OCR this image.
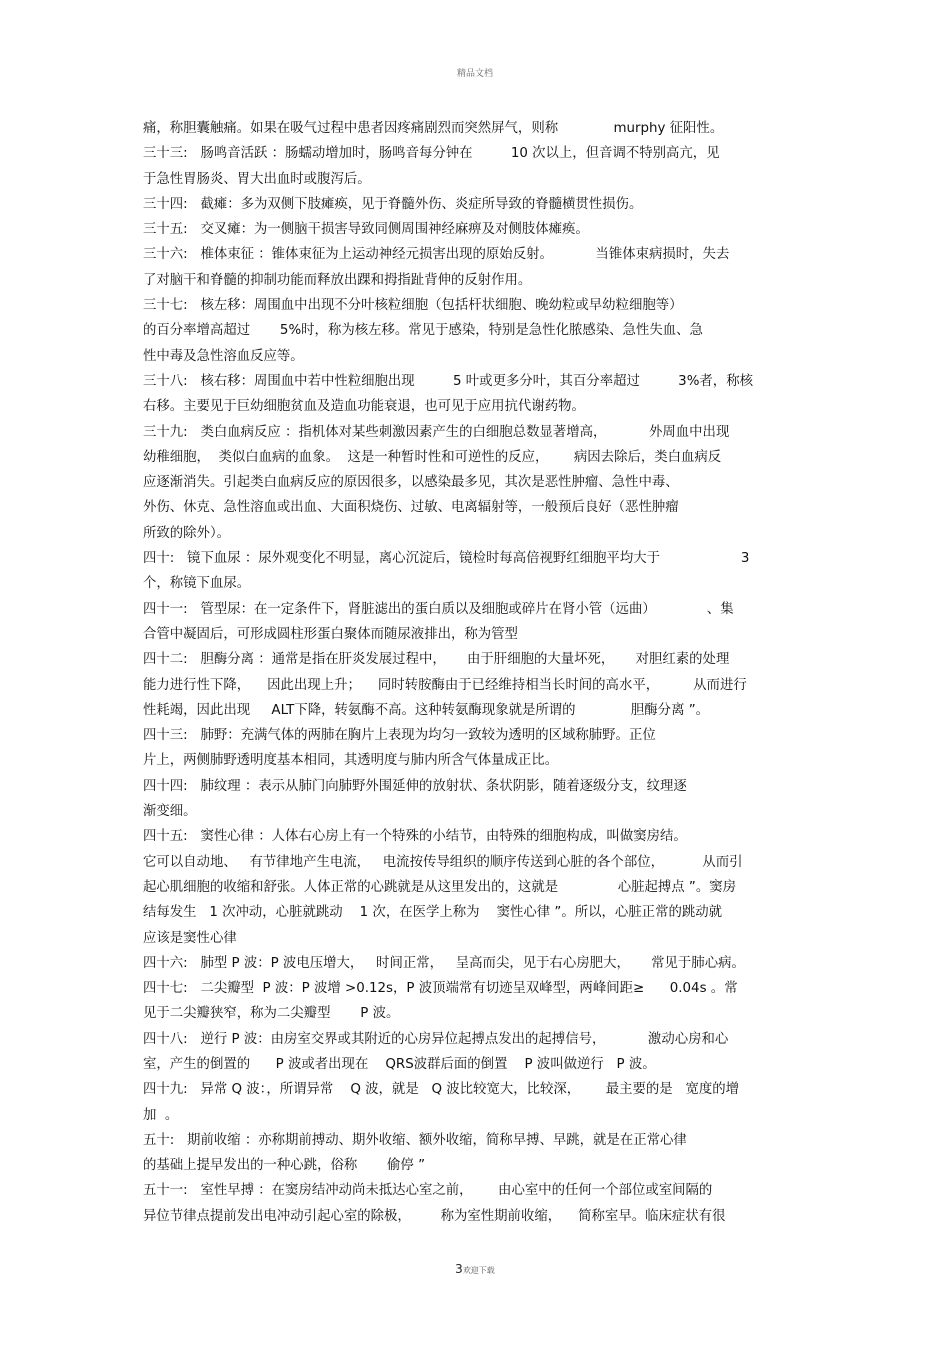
精品文档
痛，称胆囊触痛。如果在吸气过程中患者因疼痛剧烈而突然屏气，则称             murphy 征阳性。
三十三:   肠鸣音活跃 ：肠蠕动增加时，肠鸣音每分钟在         10 次以上，但音调不特别高亢，见
于急性胃肠炎、胃大出血时或腹泻后。
三十四:   截瘫：多为双侧下肢瘫痪，见于脊髓外伤、炎症所导致的脊髓横贯性损伤。
三十五:   交叉瘫：为一侧脑干损害导致同侧周围神经麻痹及对侧肢体瘫痪。
三十六:   椎体束征 ：锥体束征为上运动神经元损害出现的原始反射。          当锥体束病损时，失去
了对脑干和脊髓的抑制功能而释放出踝和拇指趾背伸的反射作用。
三十七:   核左移：周围血中出现不分叶核粒细胞（包括杆状细胞、晚幼粒或早幼粒细胞等）
的百分率增高超过       5%时，称为核左移。常见于感染，特别是急性化脓感染、急性失血、急
性中毒及急性溶血反应等。
三十八:   核右移：周围血中若中性粒细胞出现         5 叶或更多分叶，其百分率超过         3%者，称核
右移。主要见于巨幼细胞贫血及造血功能衰退，也可见于应用抗代谢药物。
三十九:   类白血病反应 ：指机体对某些刺激因素产生的白细胞总数显著增高，          外周血中出现
幼稚细胞，  类似白血病的血象。  这是一种暂时性和可逆性的反应，      病因去除后，类白血病反
应逐渐消失。引起类白血病反应的原因很多，以感染最多见，其次是恶性肿瘤、急性中毒、
外伤、休克、急性溶血或出血、大面积烧伤、过敏、电离辐射等，一般预后良好（恶性肿瘤
所致的除外）。
四十:   镜下血尿 ：尿外观变化不明显，离心沉淀后，镜检时每高倍视野红细胞平均大于                   3
个，称镜下血尿。
四十一:   管型尿：在一定条件下，肾脏滤出的蛋白质以及细胞或碎片在肾小管（远曲）            、集
合管中凝固后，可形成圆柱形蛋白聚体而随尿液排出，称为管型
四十二:   胆酶分离 ：通常是指在肝炎发展过程中，     由于肝细胞的大量坏死，     对胆红素的处理
能力进行性下降，    因此出现上升；    同时转胺酶由于已经维持相当长时间的高水平，        从而进行
性耗竭，因此出现     ALT下降，转氨酶不高。这种转氨酶现象就是所谓的             胆酶分离 ”。
四十三:   肺野：充满气体的两肺在胸片上表现为均匀一致较为透明的区域称肺野。正位
片上，两侧肺野透明度基本相同，其透明度与肺内所含气体量成正比。
四十四:   肺纹理 ：表示从肺门向肺野外围延伸的放射状、条状阴影，随着逐级分支，纹理逐
渐变细。
四十五:   窦性心律 ：人体右心房上有一个特殊的小结节，由特殊的细胞构成，叫做窦房结。
它可以自动地、   有节律地产生电流，   电流按传导组织的顺序传送到心脏的各个部位，         从而引
起心肌细胞的收缩和舒张。人体正常的心跳就是从这里发出的，这就是              心脏起搏点 ”。窦房
结每发生   1 次冲动，心脏就跳动    1 次，在医学上称为    窦性心律 ”。所以，心脏正常的跳动就
应该是窦性心律
四十六:   肺型 P 波：P 波电压增大，   时间正常，   呈高而尖，见于右心房肥大，     常见于肺心病。
四十七:   二尖瓣型  P 波：P 波增 >0.12s，P 波顶端常有切迹呈双峰型，两峰间距≥      0.04s 。常
见于二尖瓣狭窄，称为二尖瓣型       P 波。
四十八:   逆行 P 波：由房室交界或其附近的心房异位起搏点发出的起搏信号，          激动心房和心
室，产生的倒置的      P 波或者出现在    QRS波群后面的倒置    P 波叫做逆行   P 波。
四十九:   异常 Q 波：，所谓异常    Q 波，就是   Q 波比较宽大，比较深，      最主要的是   宽度的增
加  。
五十:   期前收缩 ：亦称期前搏动、期外收缩、额外收缩，简称早搏、早跳，就是在正常心律
的基础上提早发出的一种心跳，俗称       偷停 ”
五十一:   室性早搏 ：在窦房结冲动尚未抵达心室之前，      由心室中的任何一个部位或室间隔的
异位节律点提前发出电冲动引起心室的除极，       称为室性期前收缩，    简称室早。临床症状有很
3欢迎下载
